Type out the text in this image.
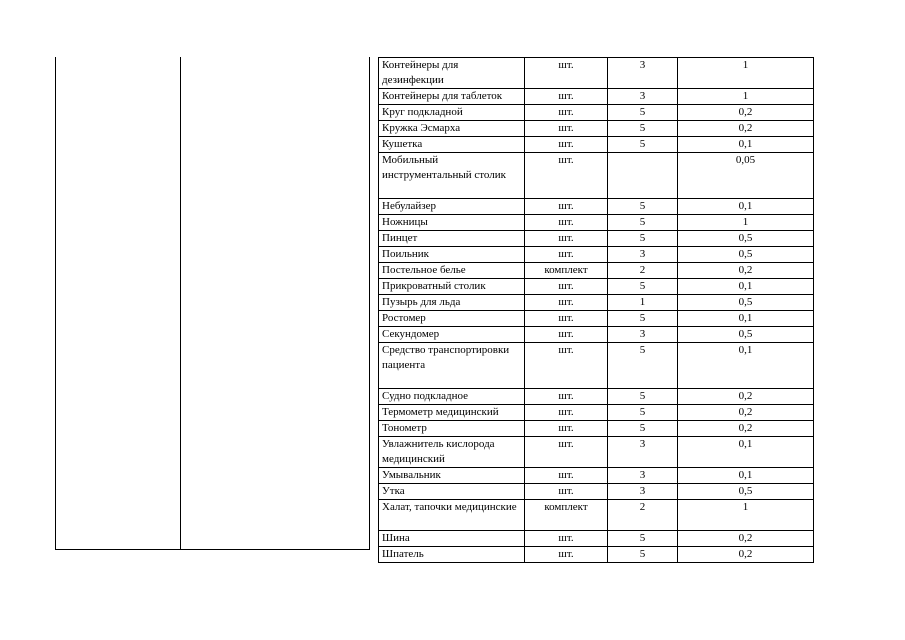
Контейнеры для дезинфекции	шт.	3	1
Контейнеры для таблеток	шт.	3	1
Круг подкладной	шт.	5	0,2
Кружка Эсмарха	шт.	5	0,2
Кушетка	шт.	5	0,1
Мобильный инструментальный столик	шт.		0,05
Небулайзер	шт.	5	0,1
Ножницы	шт.	5	1
Пинцет	шт.	5	0,5
Поильник	шт.	3	0,5
Постельное белье	комплект	2	0,2
Прикроватный столик	шт.	5	0,1
Пузырь для льда	шт.	1	0,5
Ростомер	шт.	5	0,1
Секундомер	шт.	3	0,5
Средство транспортировки пациента	шт.	5	0,1
Судно подкладное	шт.	5	0,2
Термометр медицинский	шт.	5	0,2
Тонометр	шт.	5	0,2
Увлажнитель кислорода медицинский	шт.	3	0,1
Умывальник	шт.	3	0,1
Утка	шт.	3	0,5
Халат, тапочки медицинские	комплект	2	1
Шина	шт.	5	0,2
Шпатель	шт.	5	0,2
